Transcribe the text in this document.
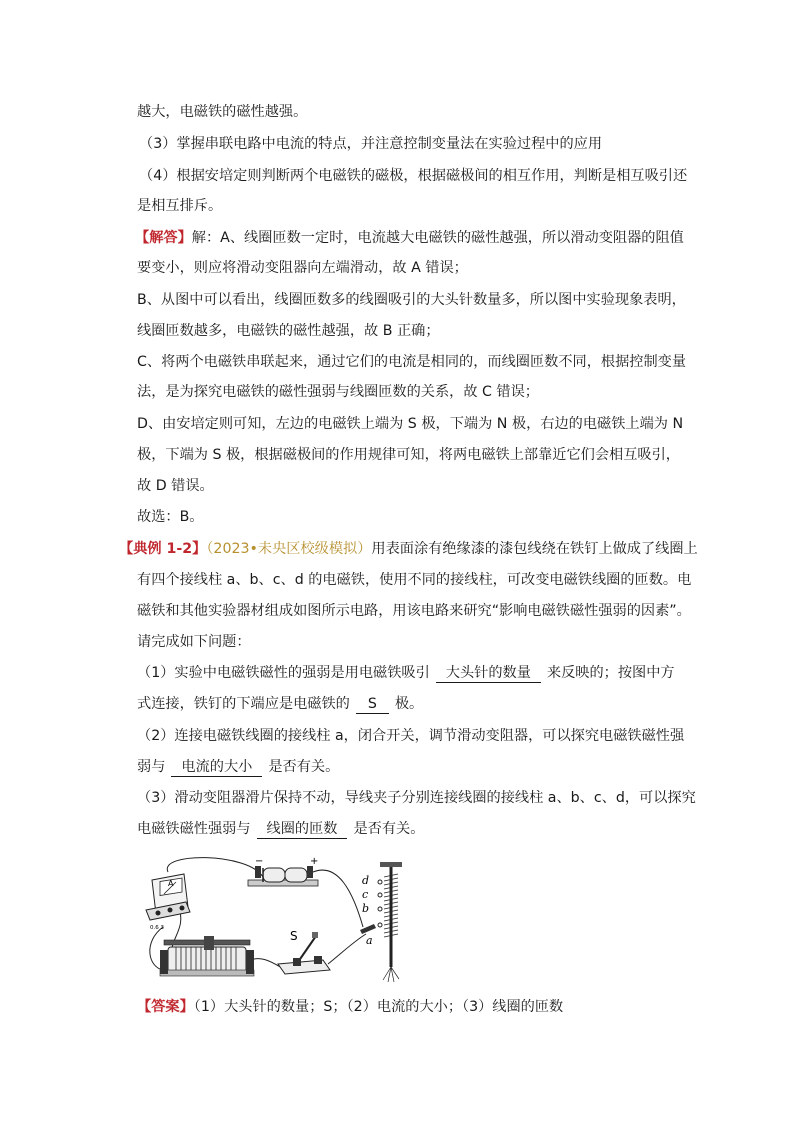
越大，电磁铁的磁性越强。
（3）掌握串联电路中电流的特点，并注意控制变量法在实验过程中的应用
（4）根据安培定则判断两个电磁铁的磁极，根据磁极间的相互作用，判断是相互吸引还
是相互排斥。
【解答】解：A、线圈匝数一定时，电流越大电磁铁的磁性越强，所以滑动变阻器的阻值
要变小，则应将滑动变阻器向左端滑动，故 A 错误；
B、从图中可以看出，线圈匝数多的线圈吸引的大头针数量多，所以图中实验现象表明，
线圈匝数越多，电磁铁的磁性越强，故 B 正确；
C、将两个电磁铁串联起来，通过它们的电流是相同的，而线圈匝数不同，根据控制变量
法，是为探究电磁铁的磁性强弱与线圈匝数的关系，故 C 错误；
D、由安培定则可知，左边的电磁铁上端为 S 极，下端为 N 极，右边的电磁铁上端为 N
极，下端为 S 极，根据磁极间的作用规律可知，将两电磁铁上部靠近它们会相互吸引，
故 D 错误。
故选：B。
【典例 1-2】（2023•未央区校级模拟）用表面涂有绝缘漆的漆包线绕在铁钉上做成了线圈上
有四个接线柱 a、b、c、d 的电磁铁，使用不同的接线柱，可改变电磁铁线圈的匝数。电
磁铁和其他实验器材组成如图所示电路，用该电路来研究“影响电磁铁磁性强弱的因素”。
请完成如下问题：
（1）实验中电磁铁磁性的强弱是用电磁铁吸引 大头针的数量 来反映的；按图中方
式连接，铁钉的下端应是电磁铁的 S 极。
（2）连接电磁铁线圈的接线柱 a，闭合开关，调节滑动变阻器，可以探究电磁铁磁性强
弱与 电流的大小 是否有关。
（3）滑动变阻器滑片保持不动，导线夹子分别连接线圈的接线柱 a、b、c、d，可以探究
电磁铁磁性强弱与 线圈的匝数 是否有关。
A
0.6 3
−	+
S
d
c
b
a
【答案】（1）大头针的数量；S；（2）电流的大小；（3）线圈的匝数
